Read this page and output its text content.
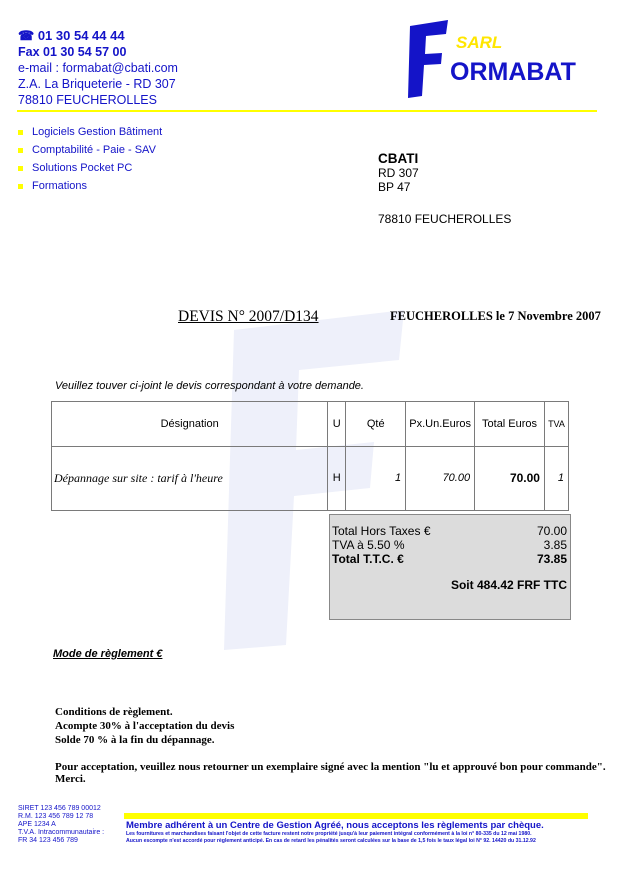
☎ 01 30 54 44 44
Fax 01 30 54 57 00
e-mail : formabat@cbati.com
Z.A. La Briqueterie - RD 307
78810 FEUCHEROLLES
SARL
ORMABAT
Logiciels Gestion Bâtiment
Comptabilité - Paie - SAV
Solutions Pocket PC
Formations
CBATI
RD 307
BP 47
78810 FEUCHEROLLES
DEVIS N° 2007/D134	FEUCHEROLLES le 7 Novembre 2007
Veuillez touver ci-joint le devis correspondant à votre demande.
Désignation	U	Qté	Px.Un.Euros	Total Euros	TVA
Dépannage sur site : tarif à l'heure	H	1	70.00	70.00	1

Total Hors Taxes €	70.00
TVA à 5.50 %	3.85
Total T.T.C. €	73.85
Soit 484.42 FRF TTC
Mode de règlement €
Conditions de règlement.
Acompte 30% à l'acceptation du devis
Solde 70 % à la fin du dépannage.
Pour acceptation, veuillez nous retourner un exemplaire signé avec la mention "lu et approuvé bon pour commande". Merci.
SIRET 123 456 789 00012
R.M. 123 456 789 12 78
APE 1234 A
T.V.A. Intracommunautaire :
FR 34 123 456 789
Membre adhérent à un Centre de Gestion Agréé, nous acceptons les règlements par chèque.
Les fournitures et marchandises faisant l'objet de cette facture restent notre propriété jusqu'à leur paiement intégral conformément à la loi n° 80-335 du 12 mai 1980.
Aucun escompte n'est accordé pour règlement anticipé. En cas de retard les pénalités seront calculées sur la base de 1,5 fois le taux légal loi N° 92. 14420 du 31.12.92
